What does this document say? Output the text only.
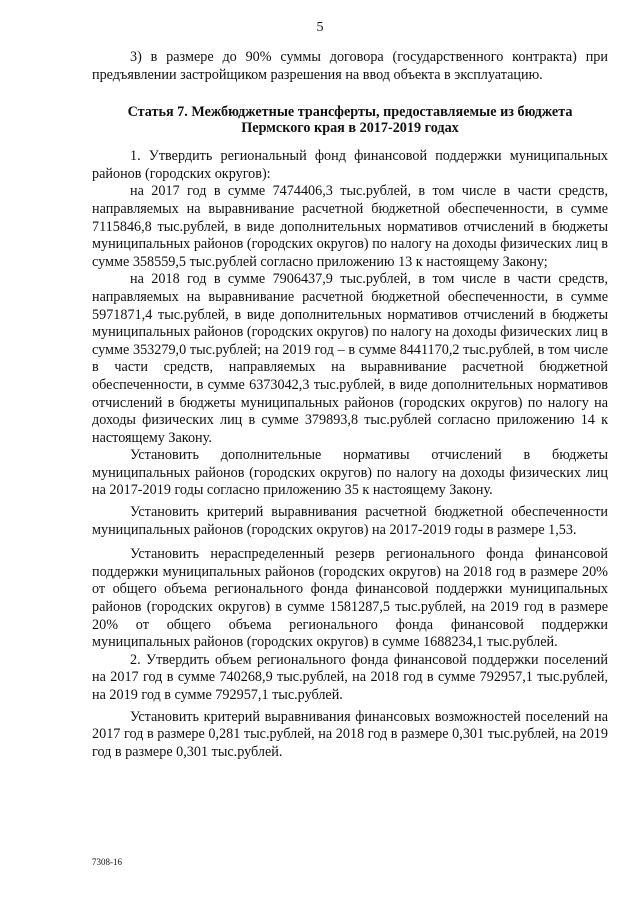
5

3) в размере до 90% суммы договора (государственного контракта) при предъявлении застройщиком разрешения на ввод объекта в эксплуатацию.

Статья 7. Межбюджетные трансферты, предоставляемые из бюджета Пермского края в 2017-2019 годах

1. Утвердить региональный фонд финансовой поддержки муниципальных районов (городских округов):

на 2017 год в сумме 7474406,3 тыс.рублей, в том числе в части средств, направляемых на выравнивание расчетной бюджетной обеспеченности, в сумме 7115846,8 тыс.рублей, в виде дополнительных нормативов отчислений в бюджеты муниципальных районов (городских округов) по налогу на доходы физических лиц в сумме 358559,5 тыс.рублей согласно приложению 13 к настоящему Закону;

на 2018 год в сумме 7906437,9 тыс.рублей, в том числе в части средств, направляемых на выравнивание расчетной бюджетной обеспеченности, в сумме 5971871,4 тыс.рублей, в виде дополнительных нормативов отчислений в бюджеты муниципальных районов (городских округов) по налогу на доходы физических лиц в сумме 353279,0 тыс.рублей; на 2019 год – в сумме 8441170,2 тыс.рублей, в том числе в части средств, направляемых на выравнивание расчетной бюджетной обеспеченности, в сумме 6373042,3 тыс.рублей, в виде дополнительных нормативов отчислений в бюджеты муниципальных районов (городских округов) по налогу на доходы физических лиц в сумме 379893,8 тыс.рублей согласно приложению 14 к настоящему Закону.

Установить дополнительные нормативы отчислений в бюджеты муниципальных районов (городских округов) по налогу на доходы физических лиц на 2017-2019 годы согласно приложению 35 к настоящему Закону.

Установить критерий выравнивания расчетной бюджетной обеспеченности муниципальных районов (городских округов) на 2017-2019 годы в размере 1,53.

Установить нераспределенный резерв регионального фонда финансовой поддержки муниципальных районов (городских округов) на 2018 год в размере 20% от общего объема регионального фонда финансовой поддержки муниципальных районов (городских округов) в сумме 1581287,5 тыс.рублей, на 2019 год в размере 20% от общего объема регионального фонда финансовой поддержки муниципальных районов (городских округов) в сумме 1688234,1 тыс.рублей.

2. Утвердить объем регионального фонда финансовой поддержки поселений на 2017 год в сумме 740268,9 тыс.рублей, на 2018 год в сумме 792957,1 тыс.рублей, на 2019 год в сумме 792957,1 тыс.рублей.

Установить критерий выравнивания финансовых возможностей поселений на 2017 год в размере 0,281 тыс.рублей, на 2018 год в размере 0,301 тыс.рублей, на 2019 год в размере 0,301 тыс.рублей.

7308-16
